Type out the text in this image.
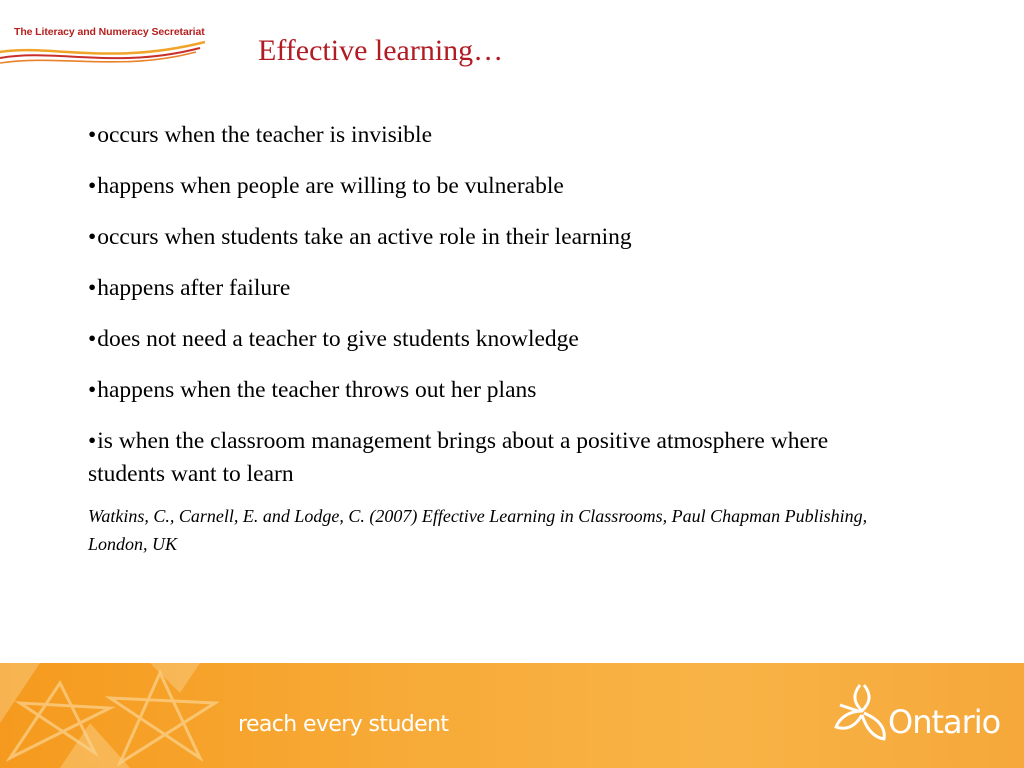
The Literacy and Numeracy Secretariat
Effective learning…
•occurs when the teacher is invisible
•happens when people are willing to be vulnerable
•occurs when students take an active role in their learning
•happens after failure
•does not need a teacher to give students knowledge
•happens when the teacher throws out her plans
•is when the classroom management brings about a positive atmosphere where students want to learn
Watkins, C., Carnell, E. and Lodge, C. (2007) Effective Learning in Classrooms, Paul Chapman Publishing, London, UK
reach every student	Ontario
